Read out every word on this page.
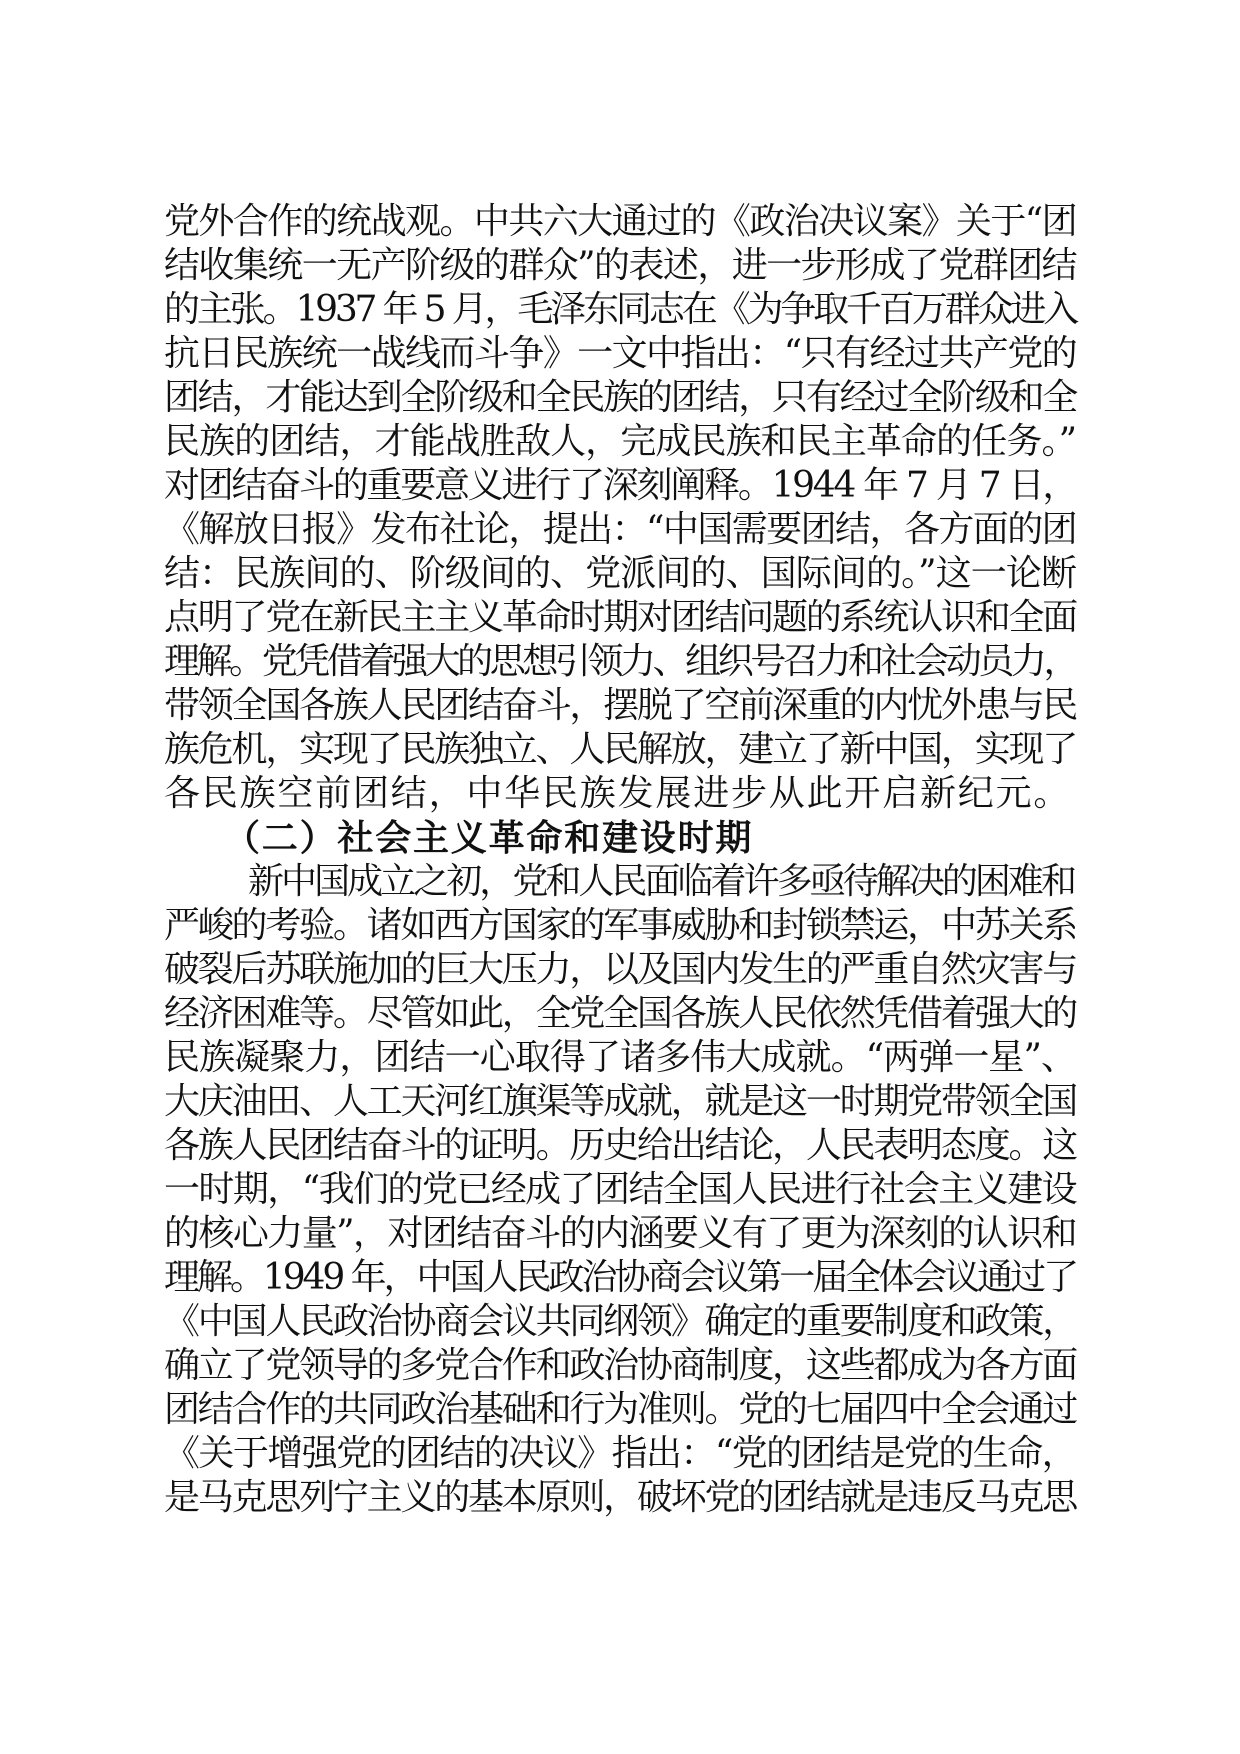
党外合作的统战观。中共六大通过的《政治决议案》关于“团
结收集统一无产阶级的群众”的表述，进一步形成了党群团结
的主张。1937 年 5 月，毛泽东同志在《为争取千百万群众进入
抗日民族统一战线而斗争》一文中指出：“只有经过共产党的
团结，才能达到全阶级和全民族的团结，只有经过全阶级和全
民族的团结，才能战胜敌人，完成民族和民主革命的任务。”
对团结奋斗的重要意义进行了深刻阐释。1944 年 7 月 7 日，
《解放日报》发布社论，提出：“中国需要团结，各方面的团
结：民族间的、阶级间的、党派间的、国际间的。”这一论断
点明了党在新民主主义革命时期对团结问题的系统认识和全面
理解。党凭借着强大的思想引领力、组织号召力和社会动员力，
带领全国各族人民团结奋斗，摆脱了空前深重的内忧外患与民
族危机，实现了民族独立、人民解放，建立了新中国，实现了
各民族空前团结，中华民族发展进步从此开启新纪元。
（二）社会主义革命和建设时期
新中国成立之初，党和人民面临着许多亟待解决的困难和
严峻的考验。诸如西方国家的军事威胁和封锁禁运，中苏关系
破裂后苏联施加的巨大压力，以及国内发生的严重自然灾害与
经济困难等。尽管如此，全党全国各族人民依然凭借着强大的
民族凝聚力，团结一心取得了诸多伟大成就。“两弹一星”、
大庆油田、人工天河红旗渠等成就，就是这一时期党带领全国
各族人民团结奋斗的证明。历史给出结论，人民表明态度。这
一时期，“我们的党已经成了团结全国人民进行社会主义建设
的核心力量”，对团结奋斗的内涵要义有了更为深刻的认识和
理解。1949 年，中国人民政治协商会议第一届全体会议通过了
《中国人民政治协商会议共同纲领》确定的重要制度和政策，
确立了党领导的多党合作和政治协商制度，这些都成为各方面
团结合作的共同政治基础和行为准则。党的七届四中全会通过
《关于增强党的团结的决议》指出：“党的团结是党的生命，
是马克思列宁主义的基本原则，破坏党的团结就是违反马克思
